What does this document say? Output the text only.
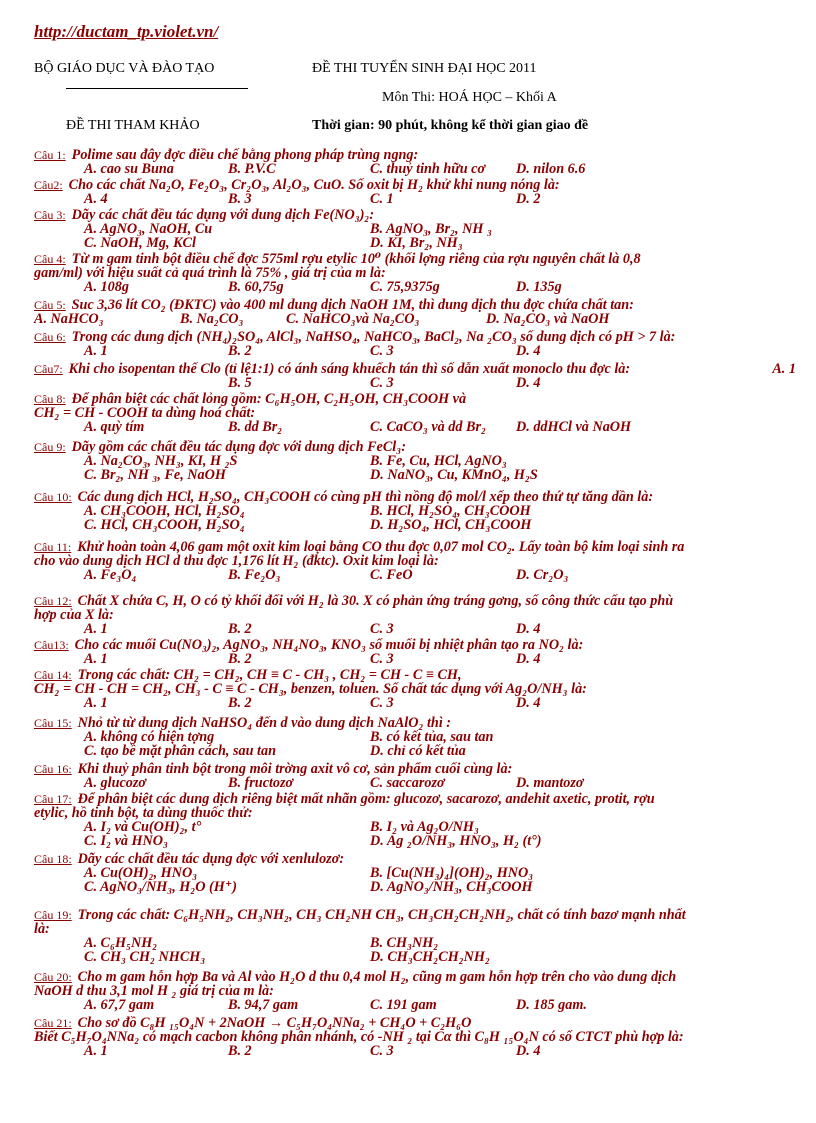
http://ductam_tp.violet.vn/
BỘ GIÁO DỤC VÀ ĐÀO TẠO	ĐỀ THI TUYỂN SINH ĐẠI HỌC 2011
Môn Thi: HOÁ HỌC – Khối A
ĐỀ THI THAM KHẢO	Thời gian: 90 phút, không kể thời gian giao đề
Câu 1: Polime sau đây đợc điều chế bằng phong pháp trùng ngng:
A. cao su Buna	B. P.V.C	C. thuỷ tinh hữu cơ D. nilon 6.6
Câu2: Cho các chất Na₂O, Fe₂O₃, Cr₂O₃, Al₂O₃, CuO. Số oxit bị H₂ khử khi nung nóng là:
A. 4	B. 3	C. 1	D. 2
Câu 3: Dãy các chất đều tác dụng với dung dịch Fe(NO₃)₂:
A. AgNO₃, NaOH, Cu	B. AgNO₃, Br₂, NH ₃
C. NaOH, Mg, KCl	D. KI, Br₂, NH₃
Câu 4: Từ m gam tinh bột điều chế đợc 575ml rợu etylic 10⁰ (khối lợng riêng của rợu nguyên chất là 0,8
gam/ml) với hiệu suất cả quá trình là 75% , giá trị của m là:
A. 108g	B. 60,75g	C. 75,9375g	D. 135g
Câu 5: Suc 3,36 lít CO₂ (ĐKTC) vào 400 ml dung dịch NaOH 1M, thì dung dịch thu đợc chứa chất tan:
A. NaHCO₃	B. Na₂CO₃	C. NaHCO₃và Na₂CO₃	D. Na₂CO₃ và NaOH
Câu 6: Trong các dung dịch (NH₄)₂SO₄, AlCl₃, NaHSO₄, NaHCO₃, BaCl₂, Na ₂CO₃ số dung dịch có pH > 7 là:
A. 1	B. 2	C. 3	D. 4
Câu7: Khi cho isopentan thế Clo (tỉ lệ1:1) có ánh sáng khuếch tán thì số dẫn xuất monoclo thu đợc là:	A. 1
B. 5	C. 3	D. 4
Câu 8: Để phân biệt các chất lỏng gồm: C₆H₅OH, C₂H₅OH, CH₃COOH và
CH₂ = CH - COOH ta dùng hoá chất:
A. quỳ tím	B. dd Br₂	C. CaCO₃ và dd Br₂ D. ddHCl và NaOH
Câu 9: Dãy gồm các chất đều tác dụng đợc với dung dịch FeCl₃:
A. Na₂CO₃, NH₃, KI, H ₂S	B. Fe, Cu, HCl, AgNO₃
C. Br₂, NH ₃, Fe, NaOH	D. NaNO₃, Cu, KMnO₄, H₂S
Câu 10: Các dung dịch HCl, H₂SO₄, CH₃COOH có cùng pH thì nồng độ mol/l xếp theo thứ tự tăng dần là:
A. CH₃COOH, HCl, H₂SO₄	B. HCl, H₂SO₄, CH₃COOH
C. HCl, CH₃COOH, H₂SO₄	D. H₂SO₄, HCl, CH₃COOH
Câu 11: Khử hoàn toàn 4,06 gam một oxit kim loại bằng CO thu đợc 0,07 mol CO₂. Lấy toàn bộ kim loại sinh ra
cho vào dung dịch HCl d thu đợc 1,176 lít H₂ (đktc). Oxit kim loại là:
A. Fe₃O₄	B. Fe₂O₃	C. FeO	D. Cr₂O₃
Câu 12: Chất X chứa C, H, O có tỷ khối đối với H₂ là 30. X có phản ứng tráng gơng, số công thức cấu tạo phù
hợp của X là:
A. 1	B. 2	C. 3	D. 4
Câu13: Cho các muối Cu(NO₃)₂, AgNO₃, NH₄NO₃, KNO₃ số muối bị nhiệt phân tạo ra NO₂ là:
A. 1	B. 2	C. 3	D. 4
Câu 14: Trong các chất: CH₂ = CH₂, CH ≡ C - CH₃ , CH₂ = CH - C ≡ CH,
CH₂ = CH - CH = CH₂, CH₃ - C ≡ C - CH₃, benzen, toluen. Số chất tác dụng với Ag₂O/NH₃ là:
A. 1	B. 2	C. 3	D. 4
Câu 15: Nhỏ từ từ dung dịch NaHSO₄ đến d vào dung dịch NaAlO₂ thì :
A. không có hiện tợng	B. có kết tủa, sau tan
C. tạo bề mặt phân cách, sau tan	D. chỉ có kết tủa
Câu 16: Khi thuỷ phân tinh bột trong môi trờng axit vô cơ, sản phẩm cuối cùng là:
A. glucozơ	B. fructozơ	C. saccarozơ	D. mantozơ
Câu 17: Để phân biệt các dung dịch riêng biệt mất nhãn gồm: glucozơ, sacarozơ, andehit axetic, protit, rợu
etylic, hồ tinh bột, ta dùng thuốc thử:
A. I₂ và Cu(OH)₂, t°	B. I₂ và Ag₂O/NH₃
C. I₂ và HNO₃	D. Ag ₂O/NH₃, HNO₃, H₂ (t°)
Câu 18: Dãy các chất đều tác dụng đợc với xenlulozơ:
A. Cu(OH)₂, HNO₃	B. [Cu(NH₃)₄](OH)₂, HNO₃
C. AgNO₃/NH₃, H₂O (H⁺)	D. AgNO₃/NH₃, CH₃COOH
Câu 19: Trong các chất: C₆H₅NH₂, CH₃NH₂, CH₃ CH₂NH CH₃, CH₃CH₂CH₂NH₂, chất có tính bazơ mạnh nhất
là:
A. C₆H₅NH₂	B. CH₃NH₂
C. CH₃ CH₂ NHCH₃	D. CH₃CH₂CH₂NH₂
Câu 20: Cho m gam hỗn hợp Ba và Al vào H₂O d thu 0,4 mol H₂, cũng m gam hỗn hợp trên cho vào dung dịch
NaOH d thu 3,1 mol H ₂ giá trị của m là:
A. 67,7 gam	B. 94,7 gam	C. 191 gam	D. 185 gam.
Câu 21: Cho sơ đồ C₈H ₁₅O₄N + 2NaOH → C₅H₇O₄NNa₂ + CH₄O + C₂H₆O
Biết C₅H₇O₄NNa₂ có mạch cacbon không phân nhánh, có -NH ₂ tại Cα thì C₈H ₁₅O₄N có số CTCT phù hợp là:
A. 1	B. 2	C. 3	D. 4
